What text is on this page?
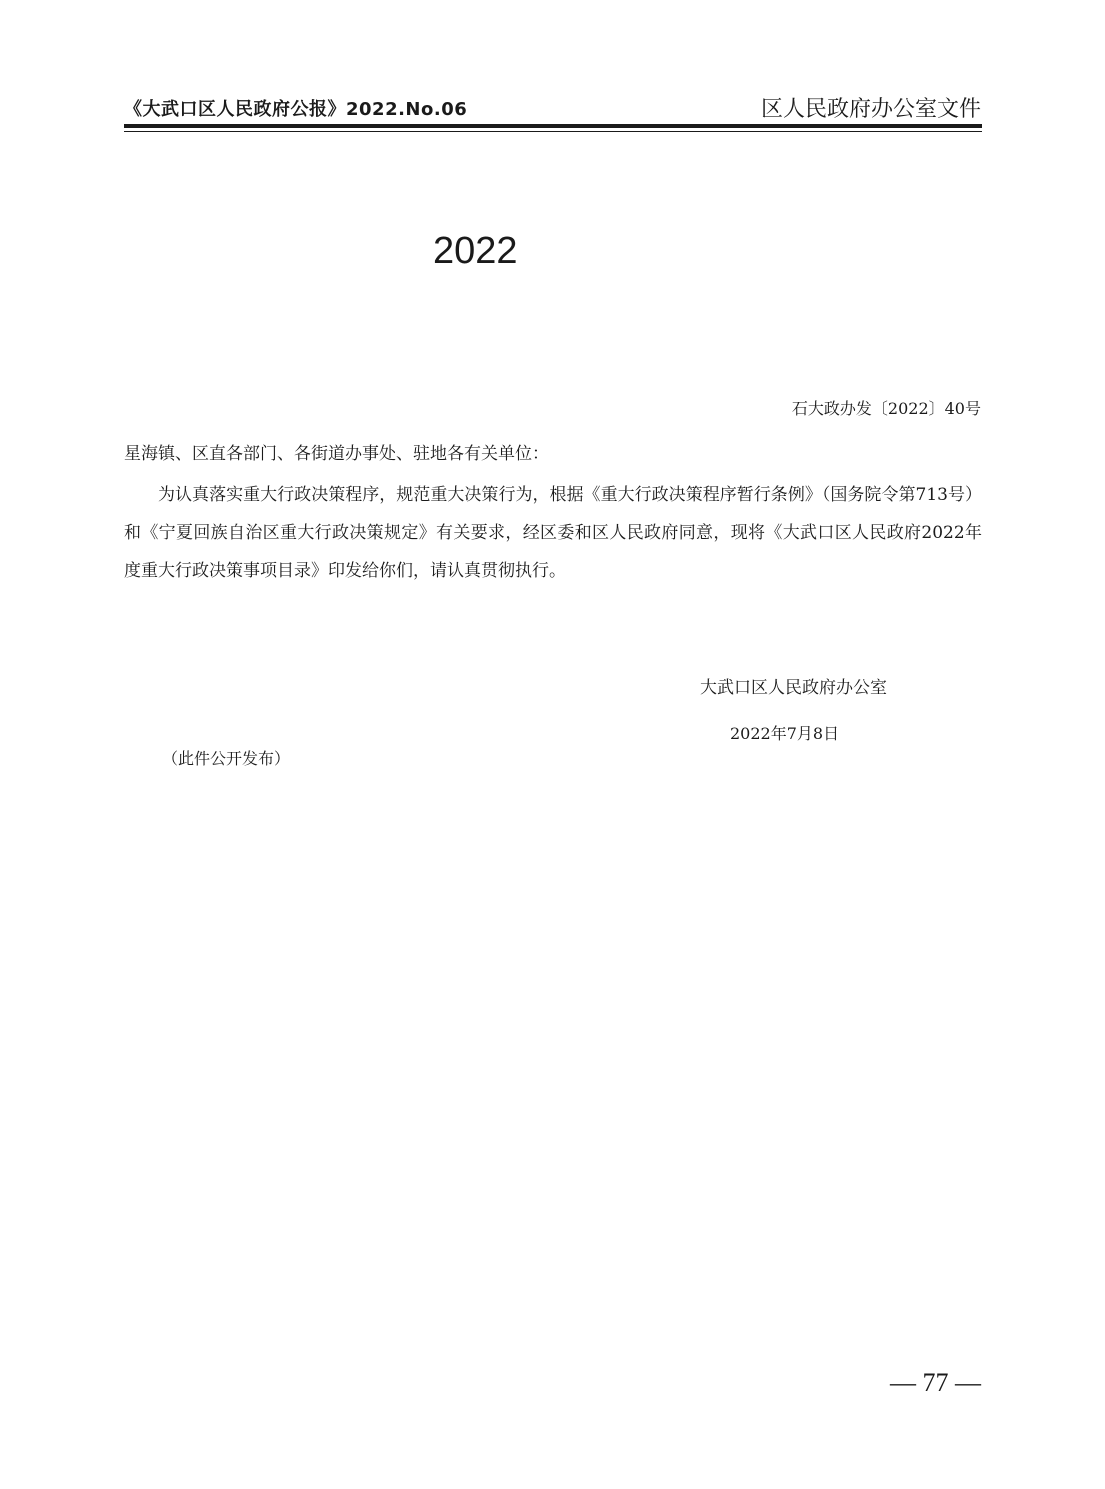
《大武口区人民政府公报》2022.No.06	区人民政府办公室文件
2022
石大政办发〔2022〕40号
星海镇、区直各部门、各街道办事处、驻地各有关单位：

为认真落实重大行政决策程序，规范重大决策行为，根据《重大行政决策程序暂行条例》（国务院令第713号）和《宁夏回族自治区重大行政决策规定》有关要求，经区委和区人民政府同意，现将《大武口区人民政府2022年度重大行政决策事项目录》印发给你们，请认真贯彻执行。

大武口区人民政府办公室
2022年7月8日
（此件公开发布）
— 77 —
